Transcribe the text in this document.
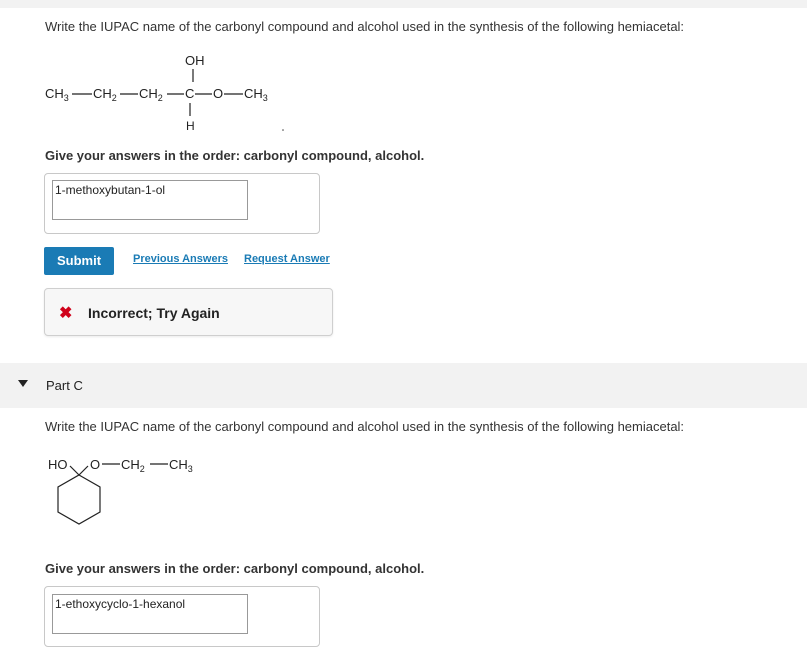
Write the IUPAC name of the carbonyl compound and alcohol used in the synthesis of the following hemiacetal:
OH
$CH_3$ $CH_2$ $CH_2$ C O $CH_3$
H
Give your answers in the order: carbonyl compound, alcohol.
1-methoxybutan-1-ol
Submit	Previous Answers Request Answer
✖ Incorrect; Try Again
Part C
Write the IUPAC name of the carbonyl compound and alcohol used in the synthesis of the following hemiacetal:
HO O $CH_2$ $CH_3$
Give your answers in the order: carbonyl compound, alcohol.
1-ethoxycyclo-1-hexanol
